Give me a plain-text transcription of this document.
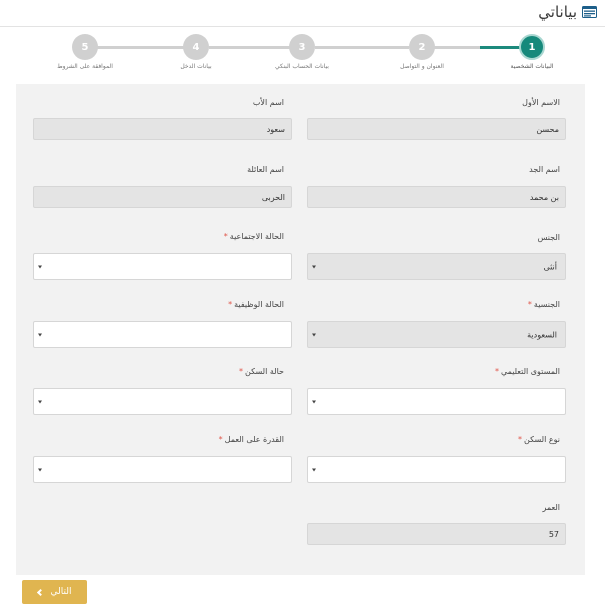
بياناتي
1
2
3
4
5
البيانات الشخصية
العنوان و التواصل
بيانات الحساب البنكي
بيانات الدخل
الموافقة على الشروط
الاسم الأول
محسن
اسم الأب
سعود
اسم الجد
بن محمد
اسم العائلة
الحربى
الجنس
أنثى
الحالة الاجتماعية*
الجنسية*
السعودية
الحالة الوظيفية*
المستوى التعليمي*
حالة السكن*
نوع السكن*
القدرة على العمل*
العمر
57
التالي
